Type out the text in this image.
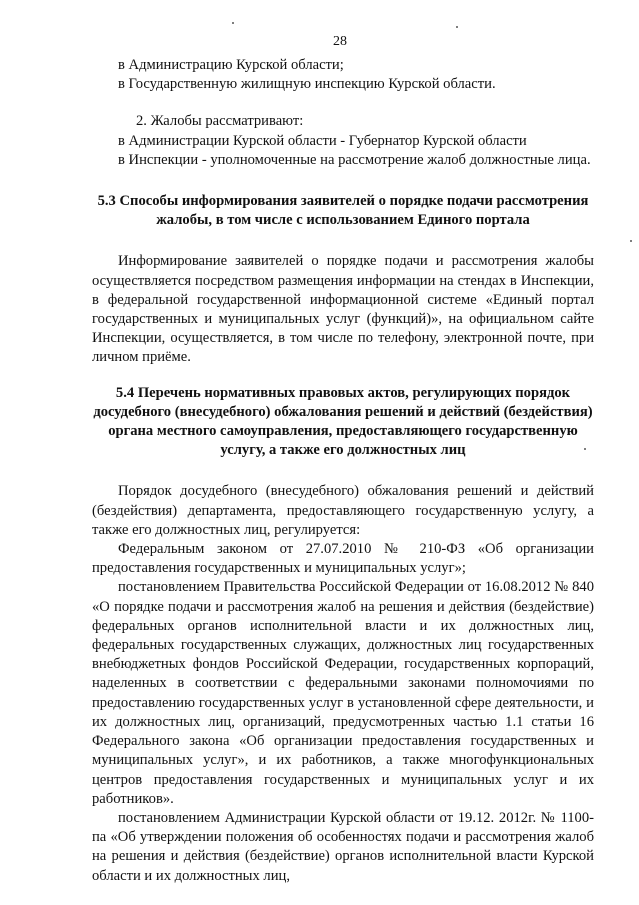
28

в Администрацию Курской области;

в Государственную жилищную инспекцию Курской области.

2. Жалобы рассматривают:

в Администрации Курской области - Губернатор Курской области

в Инспекции - уполномоченные на рассмотрение жалоб должностные лица.

5.3 Способы информирования заявителей о порядке подачи рассмотрения жалобы, в том числе с использованием Единого портала

Информирование заявителей о порядке подачи и рассмотрения жалобы осуществляется посредством размещения информации на стендах в Инспекции, в федеральной государственной информационной системе «Единый портал государственных и муниципальных услуг (функций)», на официальном сайте Инспекции, осуществляется, в том числе по телефону, электронной почте, при личном приёме.

5.4 Перечень нормативных правовых актов, регулирующих порядок досудебного (внесудебного) обжалования решений и действий (бездействия) органа местного самоуправления, предоставляющего государственную услугу, а также его должностных лиц

Порядок досудебного (внесудебного) обжалования решений и действий (бездействия) департамента, предоставляющего государственную услугу, а также его должностных лиц, регулируется:

Федеральным законом от 27.07.2010 № 210-ФЗ «Об организации предоставления государственных и муниципальных услуг»;

постановлением Правительства Российской Федерации от 16.08.2012 № 840 «О порядке подачи и рассмотрения жалоб на решения и действия (бездействие) федеральных органов исполнительной власти и их должностных лиц, федеральных государственных служащих, должностных лиц государственных внебюджетных фондов Российской Федерации, государственных корпораций, наделенных в соответствии с федеральными законами полномочиями по предоставлению государственных услуг в установленной сфере деятельности, и их должностных лиц, организаций, предусмотренных частью 1.1 статьи 16 Федерального закона «Об организации предоставления государственных и муниципальных услуг», и их работников, а также многофункциональных центров предоставления государственных и муниципальных услуг и их работников».

постановлением Администрации Курской области от 19.12. 2012г. № 1100-па «Об утверждении положения об особенностях подачи и рассмотрения жалоб на решения и действия (бездействие) органов исполнительной власти Курской области и их должностных лиц,
